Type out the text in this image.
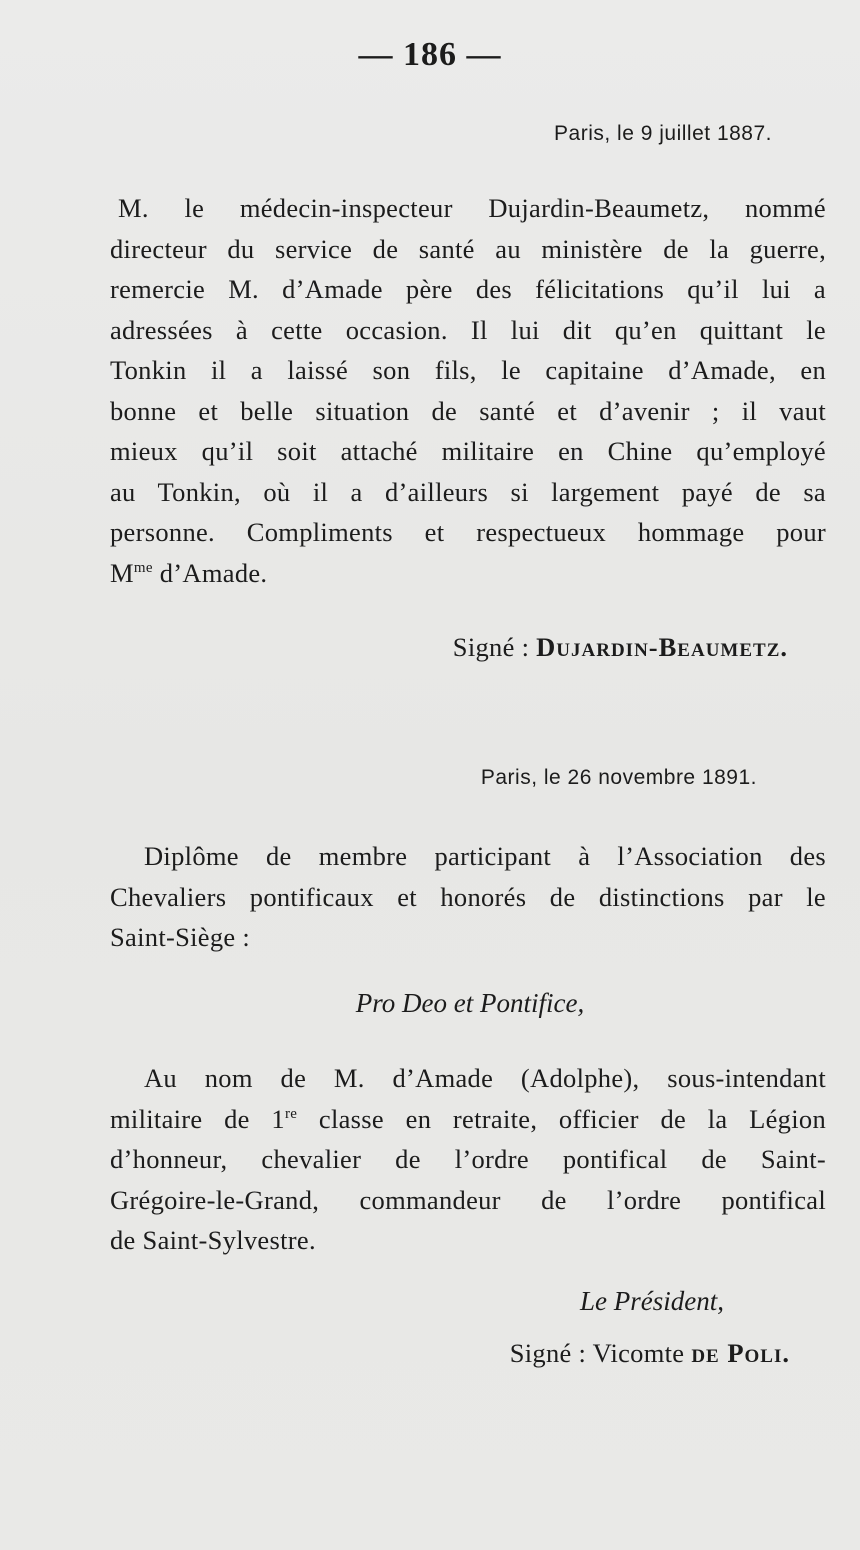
— 186 —
Paris, le 9 juillet 1887.
M. le médecin-inspecteur Dujardin-Beaumetz, nommé
directeur du service de santé au ministère de la guerre,
remercie M. d’Amade père des félicitations qu’il lui a
adressées à cette occasion. Il lui dit qu’en quittant le
Tonkin il a laissé son fils, le capitaine d’Amade, en
bonne et belle situation de santé et d’avenir ; il vaut
mieux qu’il soit attaché militaire en Chine qu’employé
au Tonkin, où il a d’ailleurs si largement payé de sa
personne. Compliments et respectueux hommage pour
$M^{me}$ d’Amade.
Signé : Dujardin-Beaumetz.
Paris, le 26 novembre 1891.
Diplôme de membre participant à l’Association des
Chevaliers pontificaux et honorés de distinctions par le
Saint-Siège :
Pro Deo et Pontifice,
Au nom de M. d’Amade (Adolphe), sous-intendant
militaire de 1re classe en retraite, officier de la Légion
d’honneur, chevalier de l’ordre pontifical de Saint-
Grégoire-le-Grand, commandeur de l’ordre pontifical
de Saint-Sylvestre.
Le Président,
Signé : Vicomte de Poli.
